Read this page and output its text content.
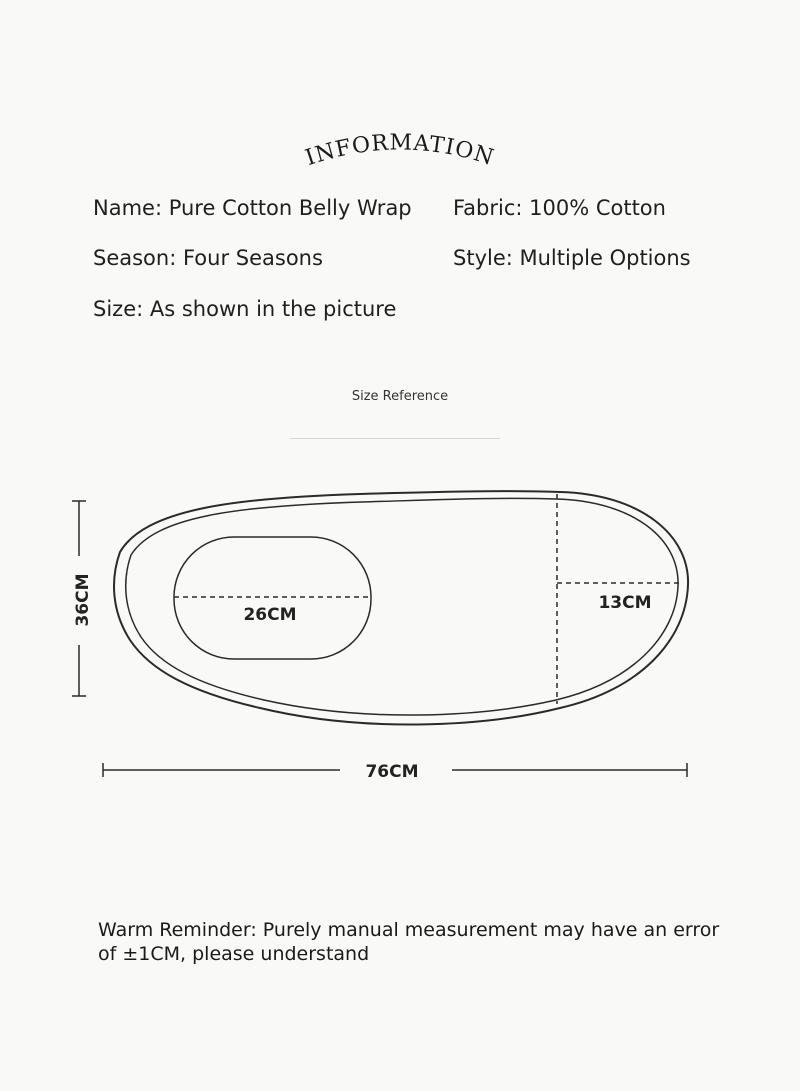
INFORMATION
Name: Pure Cotton Belly Wrap Fabric: 100% Cotton
Season: Four Seasons	Style: Multiple Options
Size: As shown in the picture
Size Reference
26CM
13CM
36CM
76CM
Warm Reminder: Purely manual measurement may have an error of ±1CM, please understand
